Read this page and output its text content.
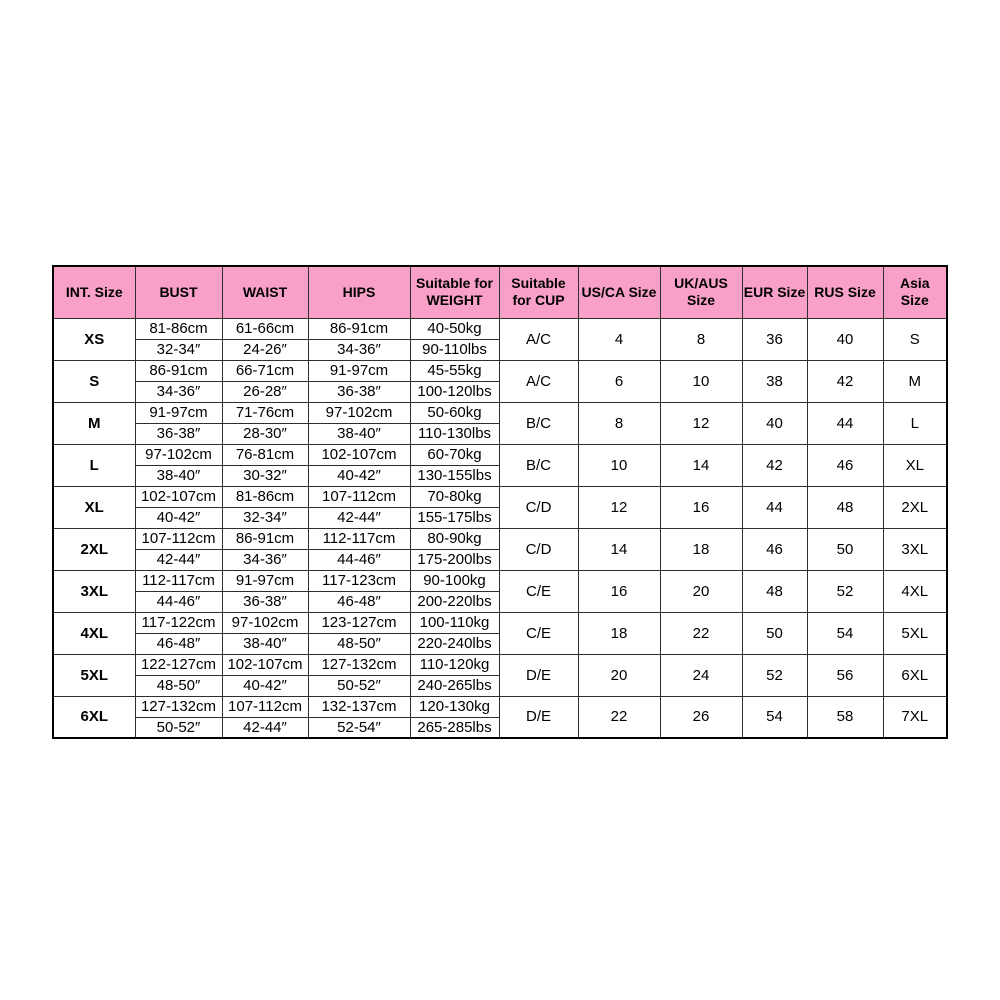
INT. Size	BUST	WAIST	HIPS	Suitable for WEIGHT	Suitable for CUP	US/CA Size	UK/AUS Size	EUR Size	RUS Size	Asia Size
XS	81-86cm	61-66cm	86-91cm	40-50kg	A/C	4	8	36	40	S
	32-34″	24-26″	34-36″	90-110lbs						
S	86-91cm	66-71cm	91-97cm	45-55kg	A/C	6	10	38	42	M
	34-36″	26-28″	36-38″	100-120lbs						
M	91-97cm	71-76cm	97-102cm	50-60kg	B/C	8	12	40	44	L
	36-38″	28-30″	38-40″	110-130lbs						
L	97-102cm	76-81cm	102-107cm	60-70kg	B/C	10	14	42	46	XL
	38-40″	30-32″	40-42″	130-155lbs						
XL	102-107cm	81-86cm	107-112cm	70-80kg	C/D	12	16	44	48	2XL
	40-42″	32-34″	42-44″	155-175lbs						
2XL	107-112cm	86-91cm	112-117cm	80-90kg	C/D	14	18	46	50	3XL
	42-44″	34-36″	44-46″	175-200lbs						
3XL	112-117cm	91-97cm	117-123cm	90-100kg	C/E	16	20	48	52	4XL
	44-46″	36-38″	46-48″	200-220lbs						
4XL	117-122cm	97-102cm	123-127cm	100-110kg	C/E	18	22	50	54	5XL
	46-48″	38-40″	48-50″	220-240lbs						
5XL	122-127cm	102-107cm	127-132cm	110-120kg	D/E	20	24	52	56	6XL
	48-50″	40-42″	50-52″	240-265lbs						
6XL	127-132cm	107-112cm	132-137cm	120-130kg	D/E	22	26	54	58	7XL
	50-52″	42-44″	52-54″	265-285lbs						
